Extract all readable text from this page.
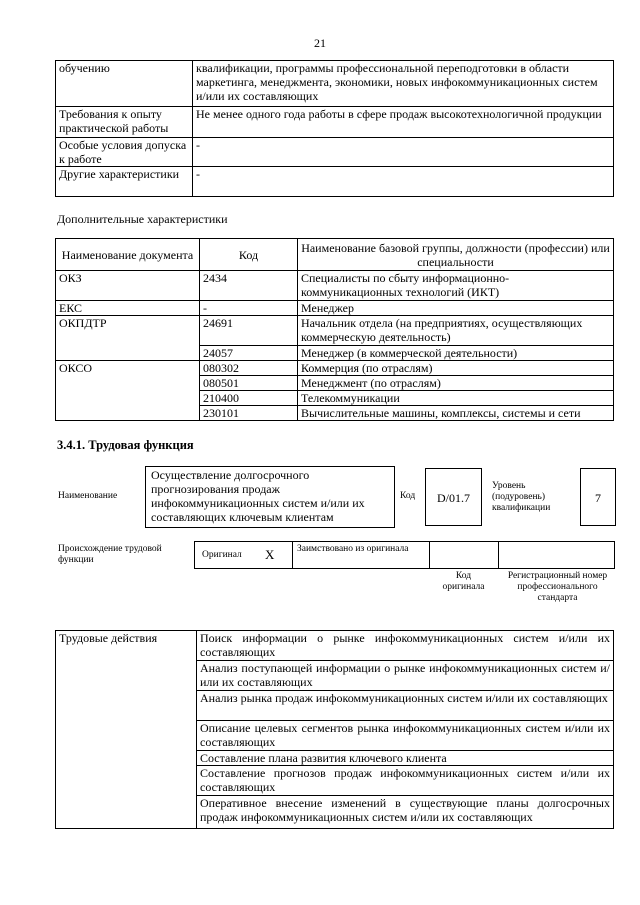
21
обучению	квалификации, программы профессиональной переподготовки в области маркетинга, менеджмента, экономики, новых инфокоммуникационных систем и/или их составляющих
Требования к опыту практической работы	Не менее одного года работы в сфере продаж высокотехнологичной продукции
Особые условия допуска к работе	-
Другие характеристики	-
Дополнительные характеристики
Наименование документа	Код	Наименование базовой группы, должности (профессии) или специальности
ОКЗ	2434	Специалисты по сбыту информационно-коммуникационных технологий (ИКТ)
ЕКС	-	Менеджер
ОКПДТР	24691	Начальник отдела (на предприятиях, осуществляющих коммерческую деятельность)
	24057	Менеджер (в коммерческой деятельности)
ОКСО	080302	Коммерция (по отраслям)
	080501	Менеджмент (по отраслям)
	210400	Телекоммуникации
	230101	Вычислительные машины, комплексы, системы и сети
3.4.1. Трудовая функция
Наименование
Осуществление долгосрочного прогнозирования продаж инфокоммуникационных систем и/или их составляющих ключевым клиентам
Код	D/01.7
Уровень (подуровень) квалификации
7
Происхождение трудовой функции	Оригинал X Заимствовано из оригинала
Код оригинала
Регистрационный номер профессионального стандарта
Трудовые действия	Поиск информации о рынке инфокоммуникационных систем и/или их составляющих
Анализ поступающей информации о рынке инфокоммуникационных систем и/или их составляющих
Анализ рынка продаж инфокоммуникационных систем и/или их составляющих
Описание целевых сегментов рынка инфокоммуникационных систем и/или их составляющих
Составление плана развития ключевого клиента
Составление прогнозов продаж инфокоммуникационных систем и/или их составляющих
Оперативное внесение изменений в существующие планы долгосрочных продаж инфокоммуникационных систем и/или их составляющих
